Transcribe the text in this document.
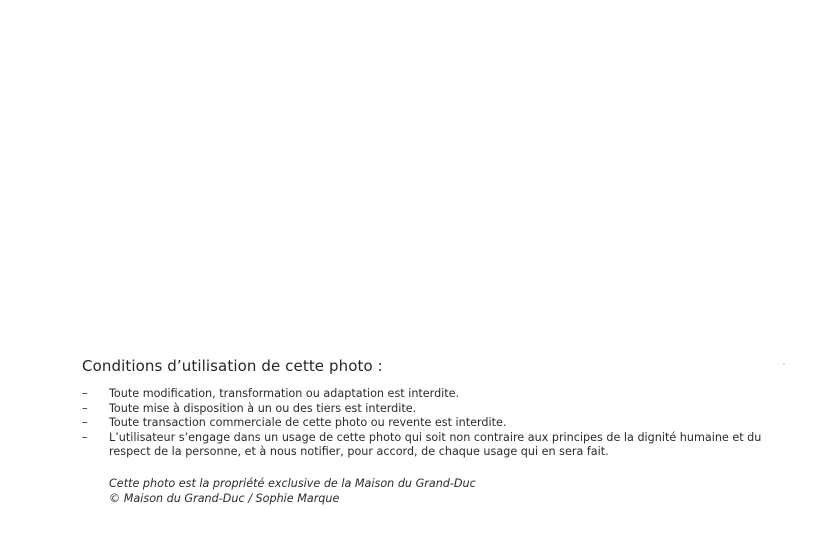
ˇ
Conditions d’utilisation de cette photo :
–	Toute modification, transformation ou adaptation est interdite.
–	Toute mise à disposition à un ou des tiers est interdite.
–	Toute transaction commerciale de cette photo ou revente est interdite.
–	L’utilisateur s’engage dans un usage de cette photo qui soit non contraire aux principes de la dignité humaine et du respect de la personne, et à nous notifier, pour accord, de chaque usage qui en sera fait.
Cette photo est la propriété exclusive de la Maison du Grand-Duc
© Maison du Grand-Duc / Sophie Marque
